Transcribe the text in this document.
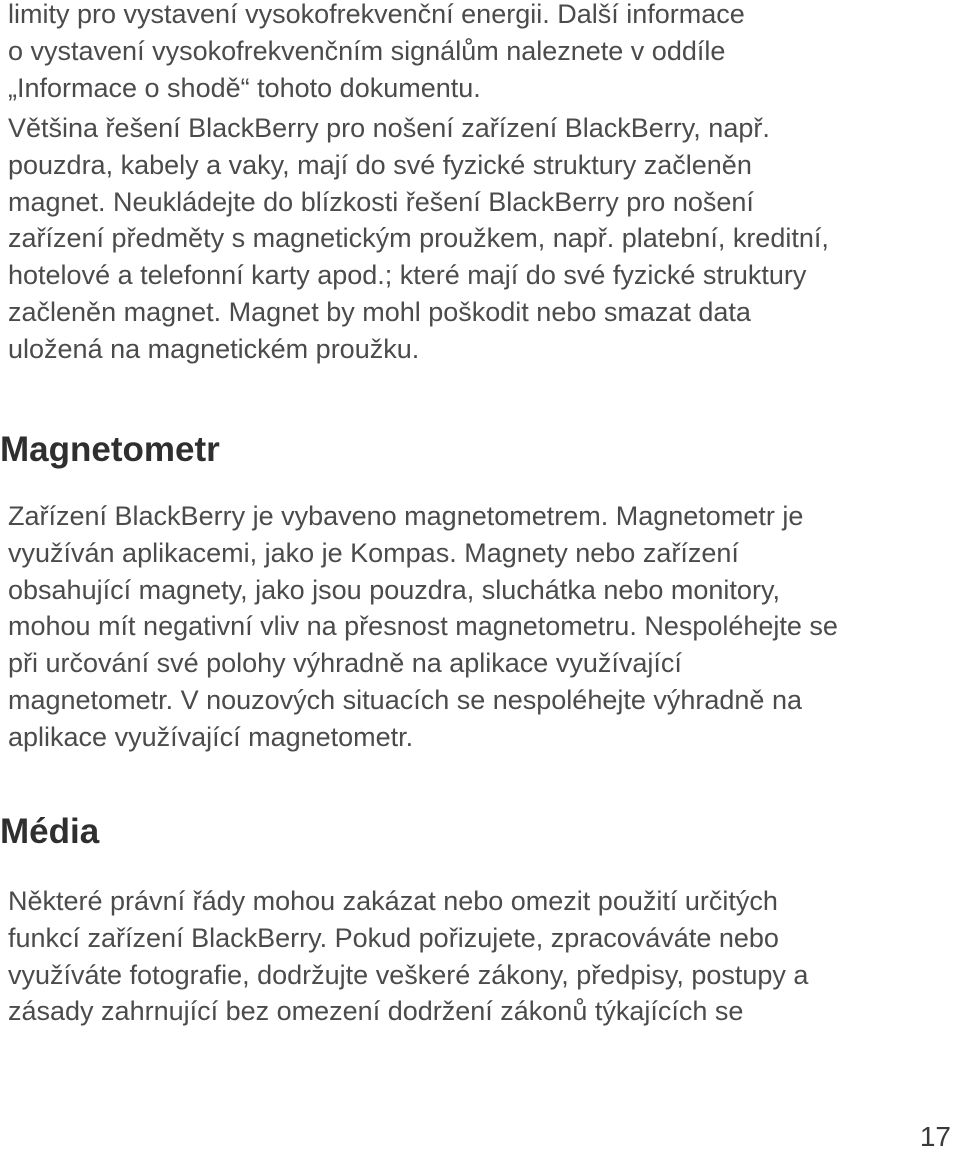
limity pro vystavení vysokofrekvenční energii. Další informace
o vystavení vysokofrekvenčním signálům naleznete v oddíle
„Informace o shodě“ tohoto dokumentu.
Většina řešení BlackBerry pro nošení zařízení BlackBerry, např.
pouzdra, kabely a vaky, mají do své fyzické struktury začleněn
magnet. Neukládejte do blízkosti řešení BlackBerry pro nošení
zařízení předměty s magnetickým proužkem, např. platební, kreditní,
hotelové a telefonní karty apod.; které mají do své fyzické struktury
začleněn magnet. Magnet by mohl poškodit nebo smazat data
uložená na magnetickém proužku.
Magnetometr
Zařízení BlackBerry je vybaveno magnetometrem. Magnetometr je
využíván aplikacemi, jako je Kompas. Magnety nebo zařízení
obsahující magnety, jako jsou pouzdra, sluchátka nebo monitory,
mohou mít negativní vliv na přesnost magnetometru. Nespoléhejte se
při určování své polohy výhradně na aplikace využívající
magnetometr. V nouzových situacích se nespoléhejte výhradně na
aplikace využívající magnetometr.
Média
Některé právní řády mohou zakázat nebo omezit použití určitých
funkcí zařízení BlackBerry. Pokud pořizujete, zpracováváte nebo
využíváte fotografie, dodržujte veškeré zákony, předpisy, postupy a
zásady zahrnující bez omezení dodržení zákonů týkajících se
17
